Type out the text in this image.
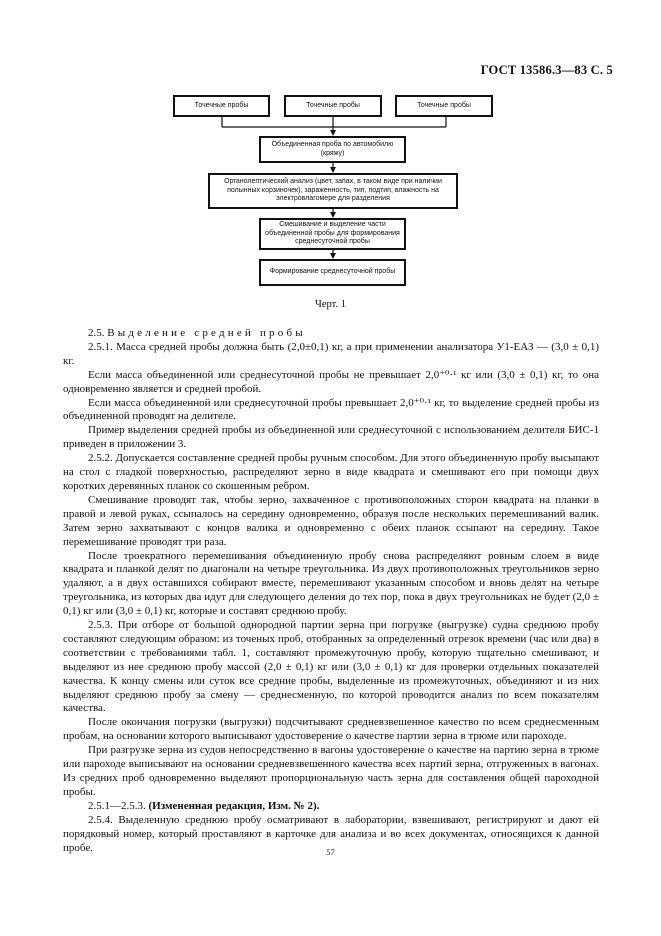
ГОСТ 13586.3—83 С. 5
Точечные пробы	Точечные пробы	Точечные пробы
Объединенная проба по автомобилю (кряжу)
Органолептический анализ (цвет, запах, в таком виде при наличии полынных корзиночек), зараженность, тип, подтип, влажность на электровлагомере для разделения
Смешивание и выделение части объединенной пробы для формирования среднесуточной пробы
Формирование среднесуточной пробы
Черт. 1

2.5. Выделение средней пробы

2.5.1. Масса средней пробы должна быть (2,0±0,1) кг, а при применении анализатора У1-ЕАЗ — (3,0 ± 0,1) кг.

Если масса объединенной или среднесуточной пробы не превышает 2,0⁺⁰·¹ кг или (3,0 ± 0,1) кг, то она одновременно является и средней пробой.

Если масса объединенной или среднесуточной пробы превышает 2,0⁺⁰·¹ кг, то выделение средней пробы из объединенной проводят на делителе.

Пример выделения средней пробы из объединенной или среднесуточной с использованием делителя БИС-1 приведен в приложении 3.

2.5.2. Допускается составление средней пробы ручным способом. Для этого объединенную пробу высыпают на стол с гладкой поверхностью, распределяют зерно в виде квадрата и смешивают его при помощи двух коротких деревянных планок со скошенным ребром.

Смешивание проводят так, чтобы зерно, захваченное с противоположных сторон квадрата на планки в правой и левой руках, ссыпалось на середину одновременно, образуя после нескольких перемешиваний валик. Затем зерно захватывают с концов валика и одновременно с обеих планок ссыпают на середину. Такое перемешивание проводят три раза.

После троекратного перемешивания объединенную пробу снова распределяют ровным слоем в виде квадрата и планкой делят по диагонали на четыре треугольника. Из двух противоположных треугольников зерно удаляют, а в двух оставшихся собирают вместе, перемешивают указанным способом и вновь делят на четыре треугольника, из которых два идут для следующего деления до тех пор, пока в двух треугольниках не будет (2,0 ± 0,1) кг или (3,0 ± 0,1) кг, которые и составят среднюю пробу.

2.5.3. При отборе от большой однородной партии зерна при погрузке (выгрузке) судна среднюю пробу составляют следующим образом: из точеных проб, отобранных за определенный отрезок времени (час или два) в соответствии с требованиями табл. 1, составляют промежуточную пробу, которую тщательно смешивают, и выделяют из нее среднюю пробу массой (2,0 ± 0,1) кг или (3,0 ± 0,1) кг для проверки отдельных показателей качества. К концу смены или суток все средние пробы, выделенные из промежуточных, объединяют и из них выделяют среднюю пробу за смену — среднесменную, по которой проводится анализ по всем показателям качества.

После окончания погрузки (выгрузки) подсчитывают средневзвешенное качество по всем среднесменным пробам, на основании которого выписывают удостоверение о качестве партии зерна в трюме или пароходе.

При разгрузке зерна из судов непосредственно в вагоны удостоверение о качестве на партию зерна в трюме или пароходе выписывают на основании средневзвешенного качества всех партий зерна, отгруженных в вагонах. Из средних проб одновременно выделяют пропорциональную часть зерна для составления общей пароходной пробы.

2.5.1—2.5.3. (Измененная редакция, Изм. № 2).

2.5.4. Выделенную среднюю пробу осматривают в лаборатории, взвешивают, регистрируют и дают ей порядковый номер, который проставляют в карточке для анализа и во всех документах, относящихся к данной пробе.	57
